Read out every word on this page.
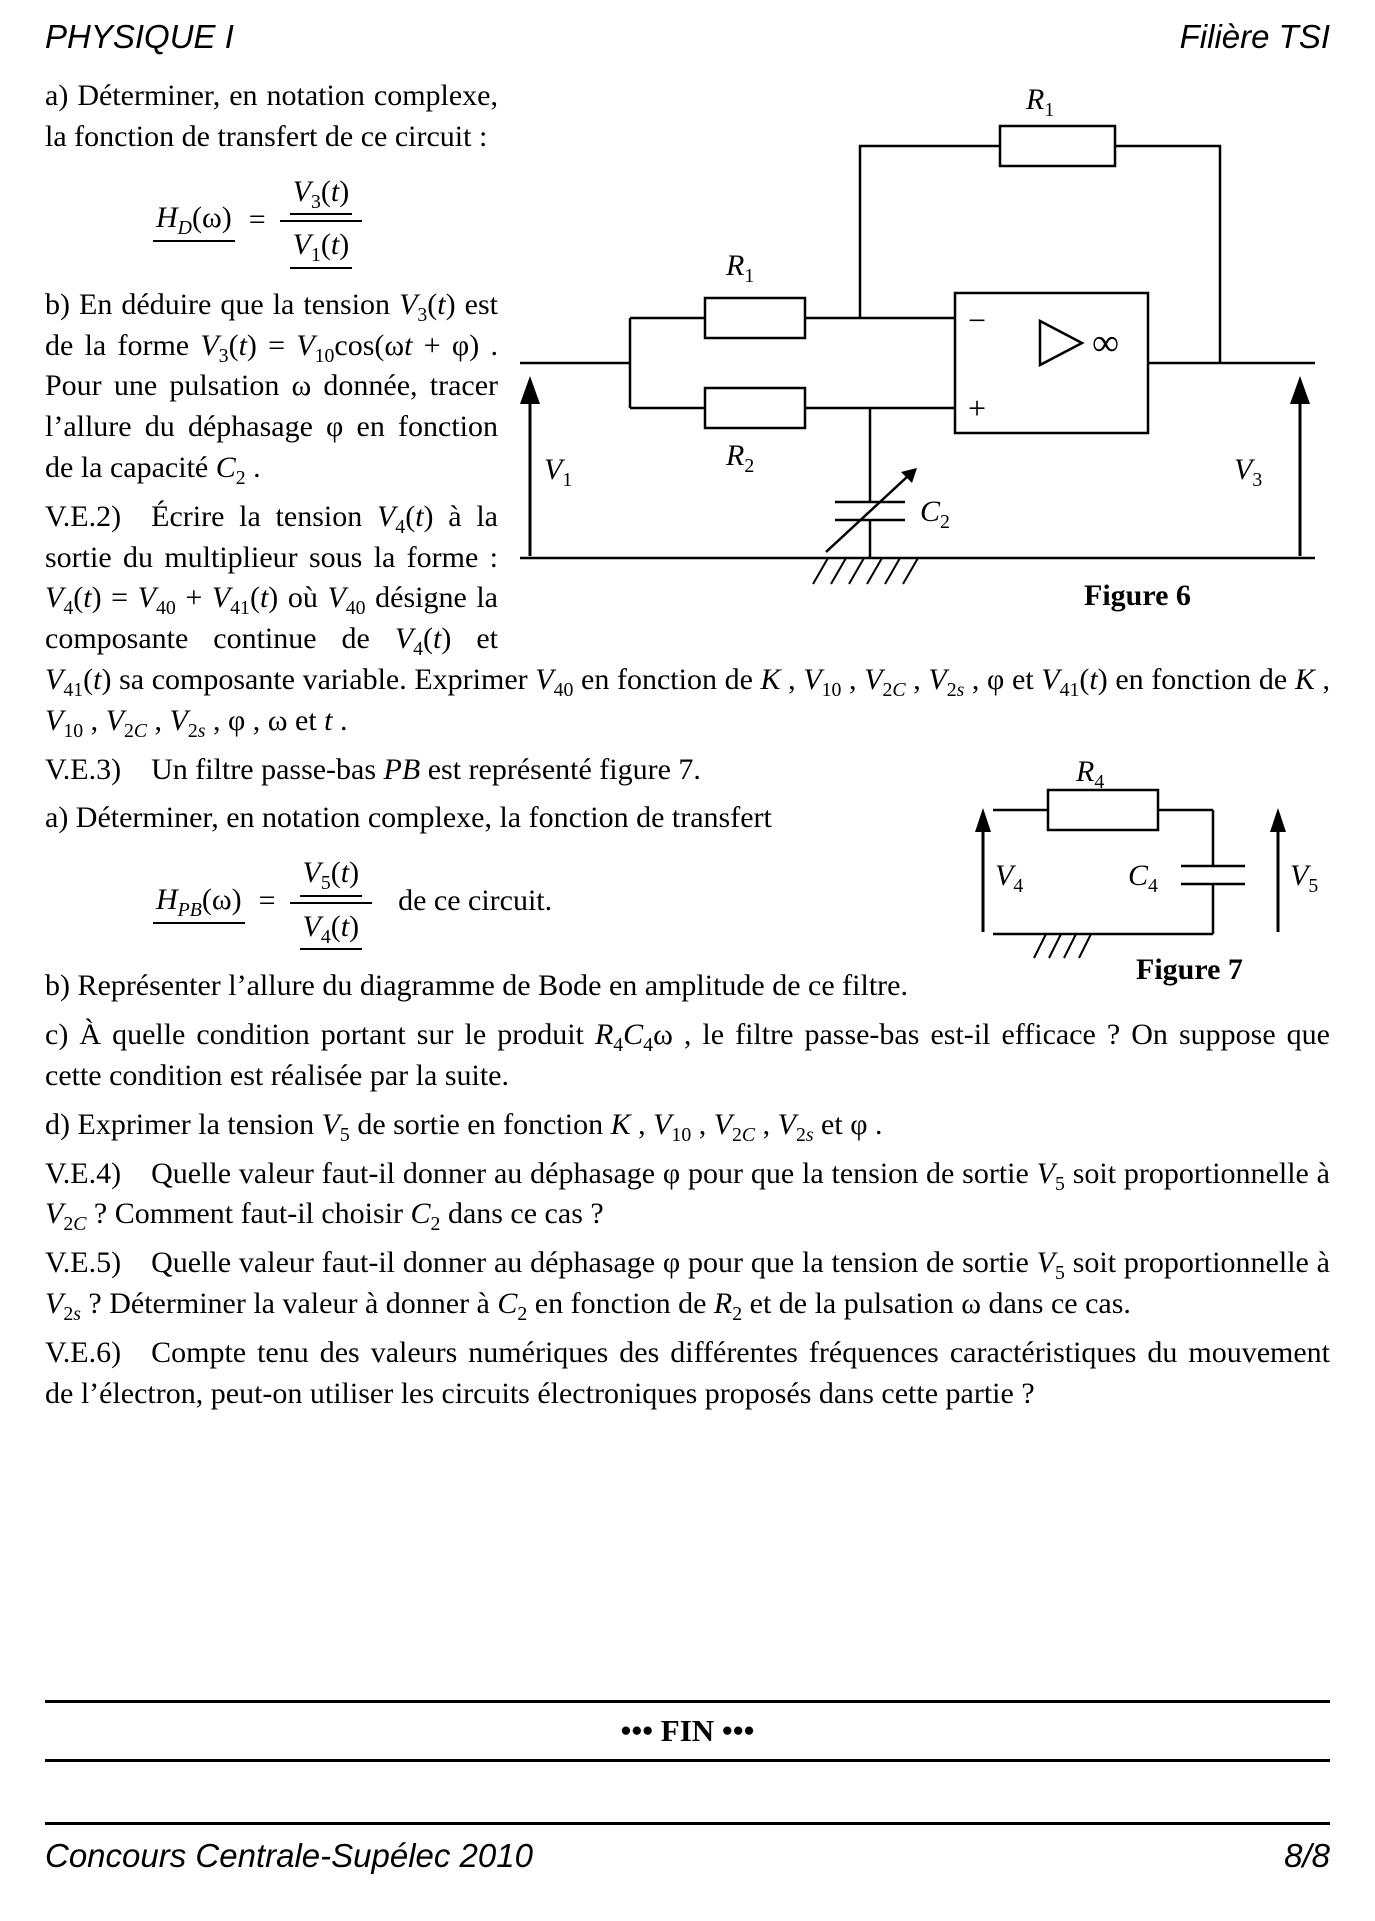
PHYSIQUE I	Filière TSI
$R_1$
$R_1$
$R_2$
$C_2$
$V_1$	$V_3$
−
+
∞
Figure 6

a) Déterminer, en notation complexe, la fonction de transfert de ce circuit :

$H_D(\omega) = \frac{V_3(t)}{V_1(t)}$

b) En déduire que la tension $V_3(t)$ est de la forme $V_3(t) = V_{10}\cos(\omega t + \varphi)$ . Pour une pulsation ω donnée, tracer l’allure du déphasage φ en fonction de la capacité $C_2$ .

V.E.2) Écrire la tension $V_4(t)$ à la sortie du multiplieur sous la forme : $V_4(t) = V_{40} + V_{41}(t)$ où $V_{40}$ désigne la composante continue de $V_4(t)$ et $V_{41}(t)$ sa composante variable. Exprimer $V_{40}$ en fonction de K , $V_{10}$ , $V_{2C}$ , $V_{2s}$ , φ et $V_{41}(t)$ en fonction de K , $V_{10}$ , $V_{2C}$ , $V_{2s}$ , φ , ω et t .

$R_4$
$C_4$
$V_4$	$V_5$
Figure 7

V.E.3) Un filtre passe-bas PB est représenté figure 7.

a) Déterminer, en notation complexe, la fonction de transfert

$H_{PB}(\omega) = \frac{V_5(t)}{V_4(t)}$ de ce circuit.

b) Représenter l’allure du diagramme de Bode en amplitude de ce filtre.

c) À quelle condition portant sur le produit $R_4C_4\omega$ , le filtre passe-bas est-il efficace ? On suppose que cette condition est réalisée par la suite.

d) Exprimer la tension $V_5$ de sortie en fonction K , $V_{10}$ , $V_{2C}$ , $V_{2s}$ et φ .

V.E.4) Quelle valeur faut-il donner au déphasage φ pour que la tension de sortie $V_5$ soit proportionnelle à $V_{2C}$ ? Comment faut-il choisir $C_2$ dans ce cas ?

V.E.5) Quelle valeur faut-il donner au déphasage φ pour que la tension de sortie $V_5$ soit proportionnelle à $V_{2s}$ ? Déterminer la valeur à donner à $C_2$ en fonction de $R_2$ et de la pulsation ω dans ce cas.

V.E.6) Compte tenu des valeurs numériques des différentes fréquences caractéristiques du mouvement de l’électron, peut-on utiliser les circuits électroniques proposés dans cette partie ?

••• FIN •••
Concours Centrale-Supélec 2010	8/8
